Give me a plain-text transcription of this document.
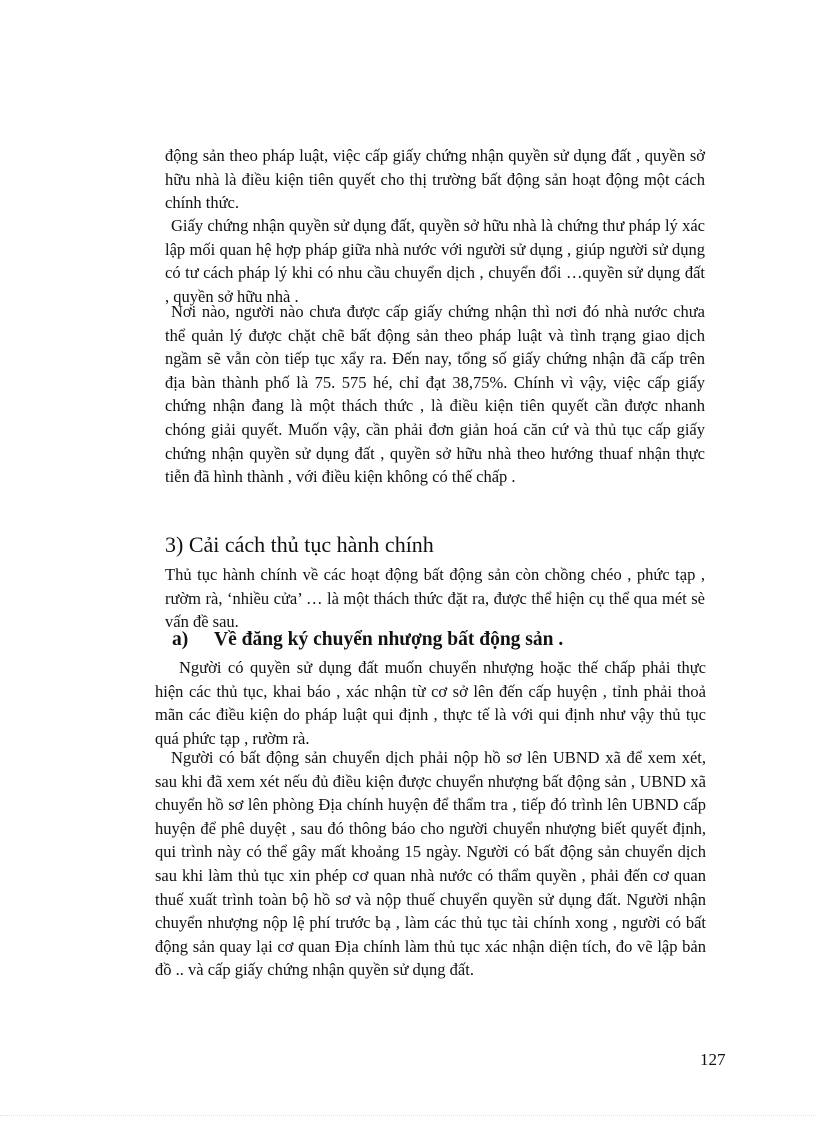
động sản theo pháp luật, việc cấp giấy chứng nhận quyền sử dụng đất , quyền sở hữu nhà là điều kiện tiên quyết cho thị trường bất động sản hoạt động một cách chính thức.

Giấy chứng nhận quyền sử dụng đất, quyền sở hữu nhà là chứng thư pháp lý xác lập mối quan hệ hợp pháp giữa nhà nước với người sử dụng , giúp người sử dụng có tư cách pháp lý khi có nhu cầu chuyển dịch , chuyển đổi …quyền sử dụng đất , quyền sở hữu nhà .

Nơi nào, người nào chưa được cấp giấy chứng nhận thì nơi đó nhà nước chưa thể quản lý được chặt chẽ bất động sản theo pháp luật và tình trạng giao dịch ngầm sẽ vẫn còn tiếp tục xẩy ra. Đến nay, tổng số giấy chứng nhận đã cấp trên địa bàn thành phố là 75. 575 hé, chỉ đạt 38,75%. Chính vì vậy, việc cấp giấy chứng nhận đang là một thách thức , là điều kiện tiên quyết cần được nhanh chóng giải quyết. Muốn vậy, cần phải đơn giản hoá căn cứ và thủ tục cấp giấy chứng nhận quyền sử dụng đất , quyền sở hữu nhà theo hướng thuaf nhận thực tiễn đã hình thành , với điều kiện không có thế chấp .

3) Cải cách thủ tục hành chính

Thủ tục hành chính về các hoạt động bất động sản còn chồng chéo , phức tạp , rườm rà, ‘nhiều cửa’ … là một thách thức đặt ra, được thể hiện cụ thể qua mét sè vấn đề sau.

a) Về đăng ký chuyển nhượng bất động sản .

Người có quyền sử dụng đất muốn chuyển nhượng hoặc thế chấp phải thực hiện các thủ tục, khai báo , xác nhận từ cơ sở lên đến cấp huyện , tỉnh phải thoả mãn các điều kiện do pháp luật qui định , thực tế là với qui định như vậy thủ tục quá phức tạp , rườm rà.

Người có bất động sản chuyển dịch phải nộp hồ sơ lên UBND xã để xem xét, sau khi đã xem xét nếu đủ điều kiện được chuyển nhượng bất động sản , UBND xã chuyển hồ sơ lên phòng Địa chính huyện để thẩm tra , tiếp đó trình lên UBND cấp huyện để phê duyệt , sau đó thông báo cho người chuyển nhượng biết quyết định, qui trình này có thể gây mất khoảng 15 ngày. Người có bất động sản chuyển dịch sau khi làm thủ tục xin phép cơ quan nhà nước có thẩm quyền , phải đến cơ quan thuế xuất trình toàn bộ hồ sơ và nộp thuế chuyển quyền sử dụng đất. Người nhận chuyển nhượng nộp lệ phí trước bạ , làm các thủ tục tài chính xong , người có bất động sản quay lại cơ quan Địa chính làm thủ tục xác nhận diện tích, đo vẽ lập bản đồ .. và cấp giấy chứng nhận quyền sử dụng đất.

127
